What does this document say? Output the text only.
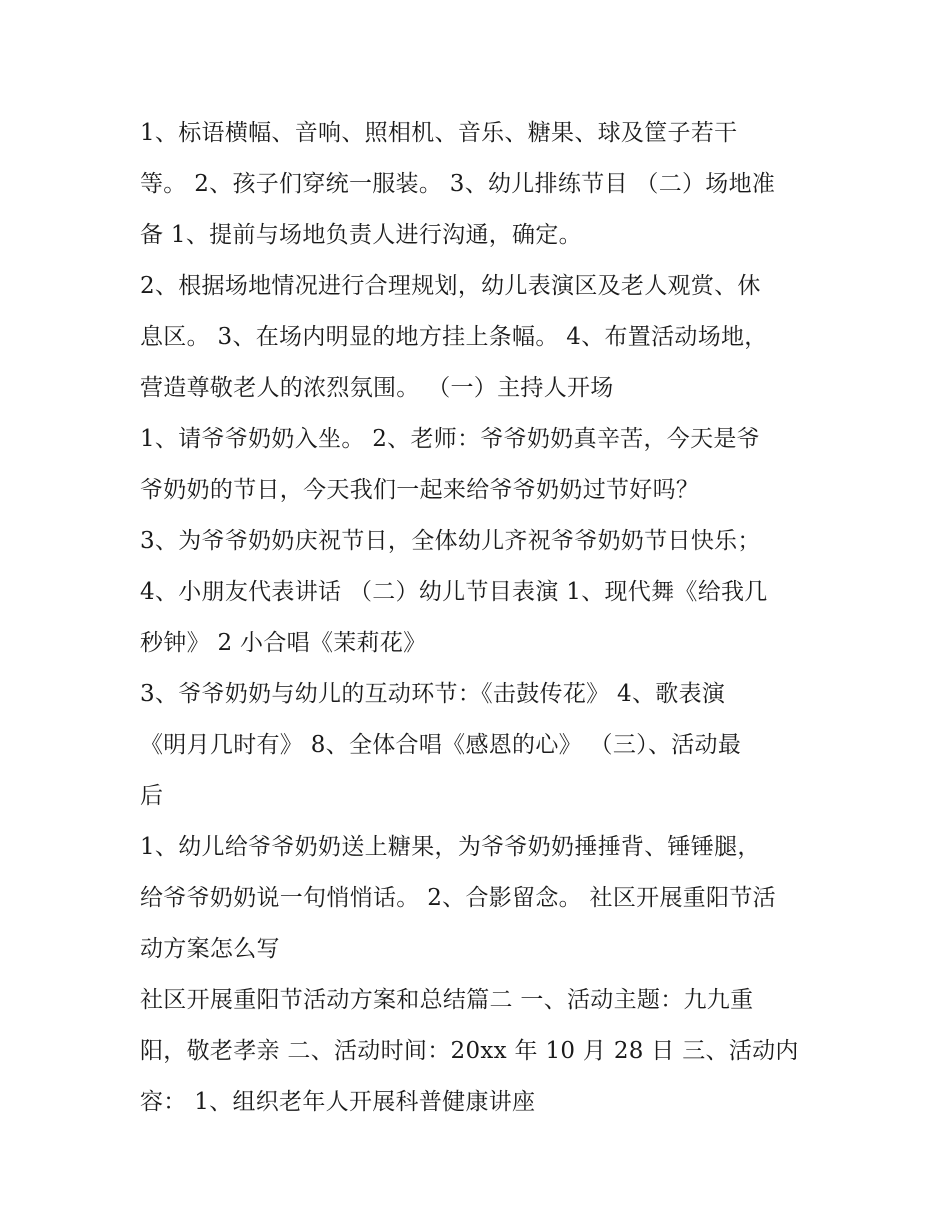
1、标语横幅、音响、照相机、音乐、糖果、球及筐子若干

等。 2、孩子们穿统一服装。 3、幼儿排练节目 （二）场地准

备 1、提前与场地负责人进行沟通，确定。

2、根据场地情况进行合理规划，幼儿表演区及老人观赏、休

息区。 3、在场内明显的地方挂上条幅。 4、布置活动场地，

营造尊敬老人的浓烈氛围。 （一）主持人开场

1、请爷爷奶奶入坐。 2、老师：爷爷奶奶真辛苦，今天是爷

爷奶奶的节日，今天我们一起来给爷爷奶奶过节好吗？

3、为爷爷奶奶庆祝节日，全体幼儿齐祝爷爷奶奶节日快乐；

4、小朋友代表讲话 （二）幼儿节目表演 1、现代舞《给我几

秒钟》 2 小合唱《茉莉花》

3、爷爷奶奶与幼儿的互动环节：《击鼓传花》 4、歌表演

《明月几时有》 8、全体合唱《感恩的心》 （三）、活动最

后

1、幼儿给爷爷奶奶送上糖果，为爷爷奶奶捶捶背、锤锤腿，

给爷爷奶奶说一句悄悄话。 2、合影留念。 社区开展重阳节活

动方案怎么写

社区开展重阳节活动方案和总结篇二 一、活动主题：九九重

阳，敬老孝亲 二、活动时间：20xx 年 10 月 28 日 三、活动内

容： 1、组织老年人开展科普健康讲座
